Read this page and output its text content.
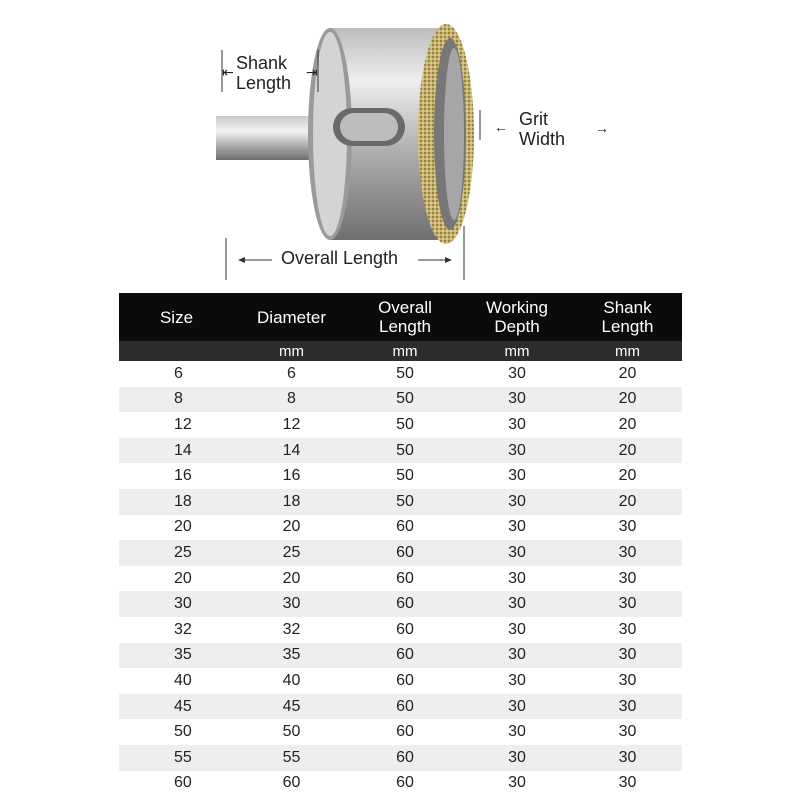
⇤	⇥
Shank
Length
← Grit
Width
→
Overall Length
Size	Diameter	Overall
Length	Working
Depth	Shank
Length
	mm	mm	mm	mm
6	6	50	30	20
8	8	50	30	20
12	12	50	30	20
14	14	50	30	20
16	16	50	30	20
18	18	50	30	20
20	20	60	30	30
25	25	60	30	30
20	20	60	30	30
30	30	60	30	30
32	32	60	30	30
35	35	60	30	30
40	40	60	30	30
45	45	60	30	30
50	50	60	30	30
55	55	60	30	30
60	60	60	30	30
